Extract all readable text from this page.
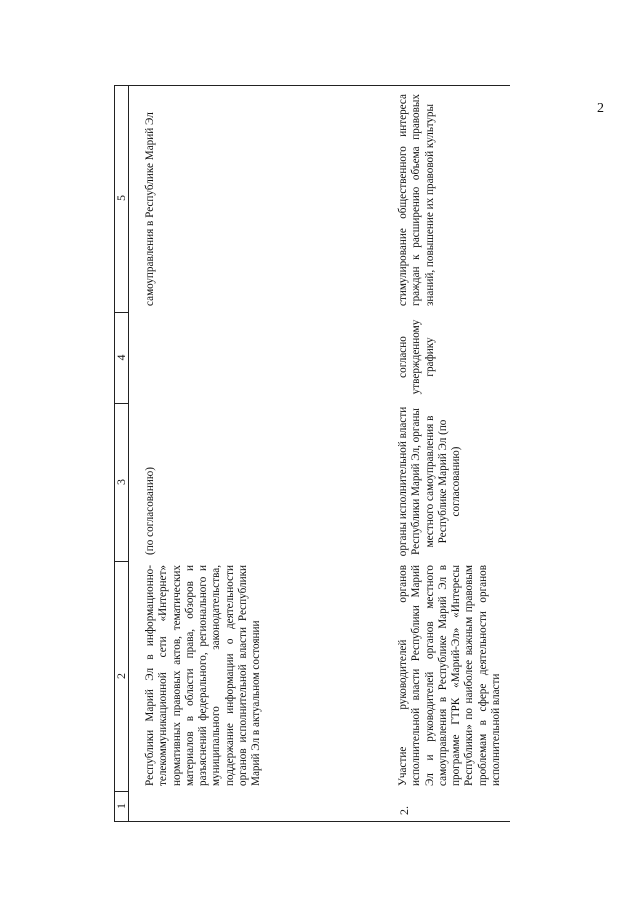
2
1
2
3
4
5
Республики Марий Эл в информационно-телекоммуникационной сети «Интернет» нормативных правовых актов, тематических материалов в области права, обзоров и разъяснений федерального, регионального и муниципального законодательства, поддержание информации о деятельности органов исполнительной власти Республики Марий Эл в актуальном состоянии
(по согласованию)
самоуправления в Республике Марий Эл
2.
Участие руководителей органов исполнительной власти Республики Марий Эл и руководителей органов местного самоуправления в Республике Марий Эл в программе ГТРК «Марий-Эл» «Интересы Республики» по наиболее важным правовым проблемам в сфере деятельности органов исполнительной власти
органы исполнительной власти Республики Марий Эл, органы местного самоуправления в Республике Марий Эл (по согласованию)
согласно утвержденному графику
стимулирование общественного интереса граждан к расширению объема правовых знаний, повышение их правовой культуры
